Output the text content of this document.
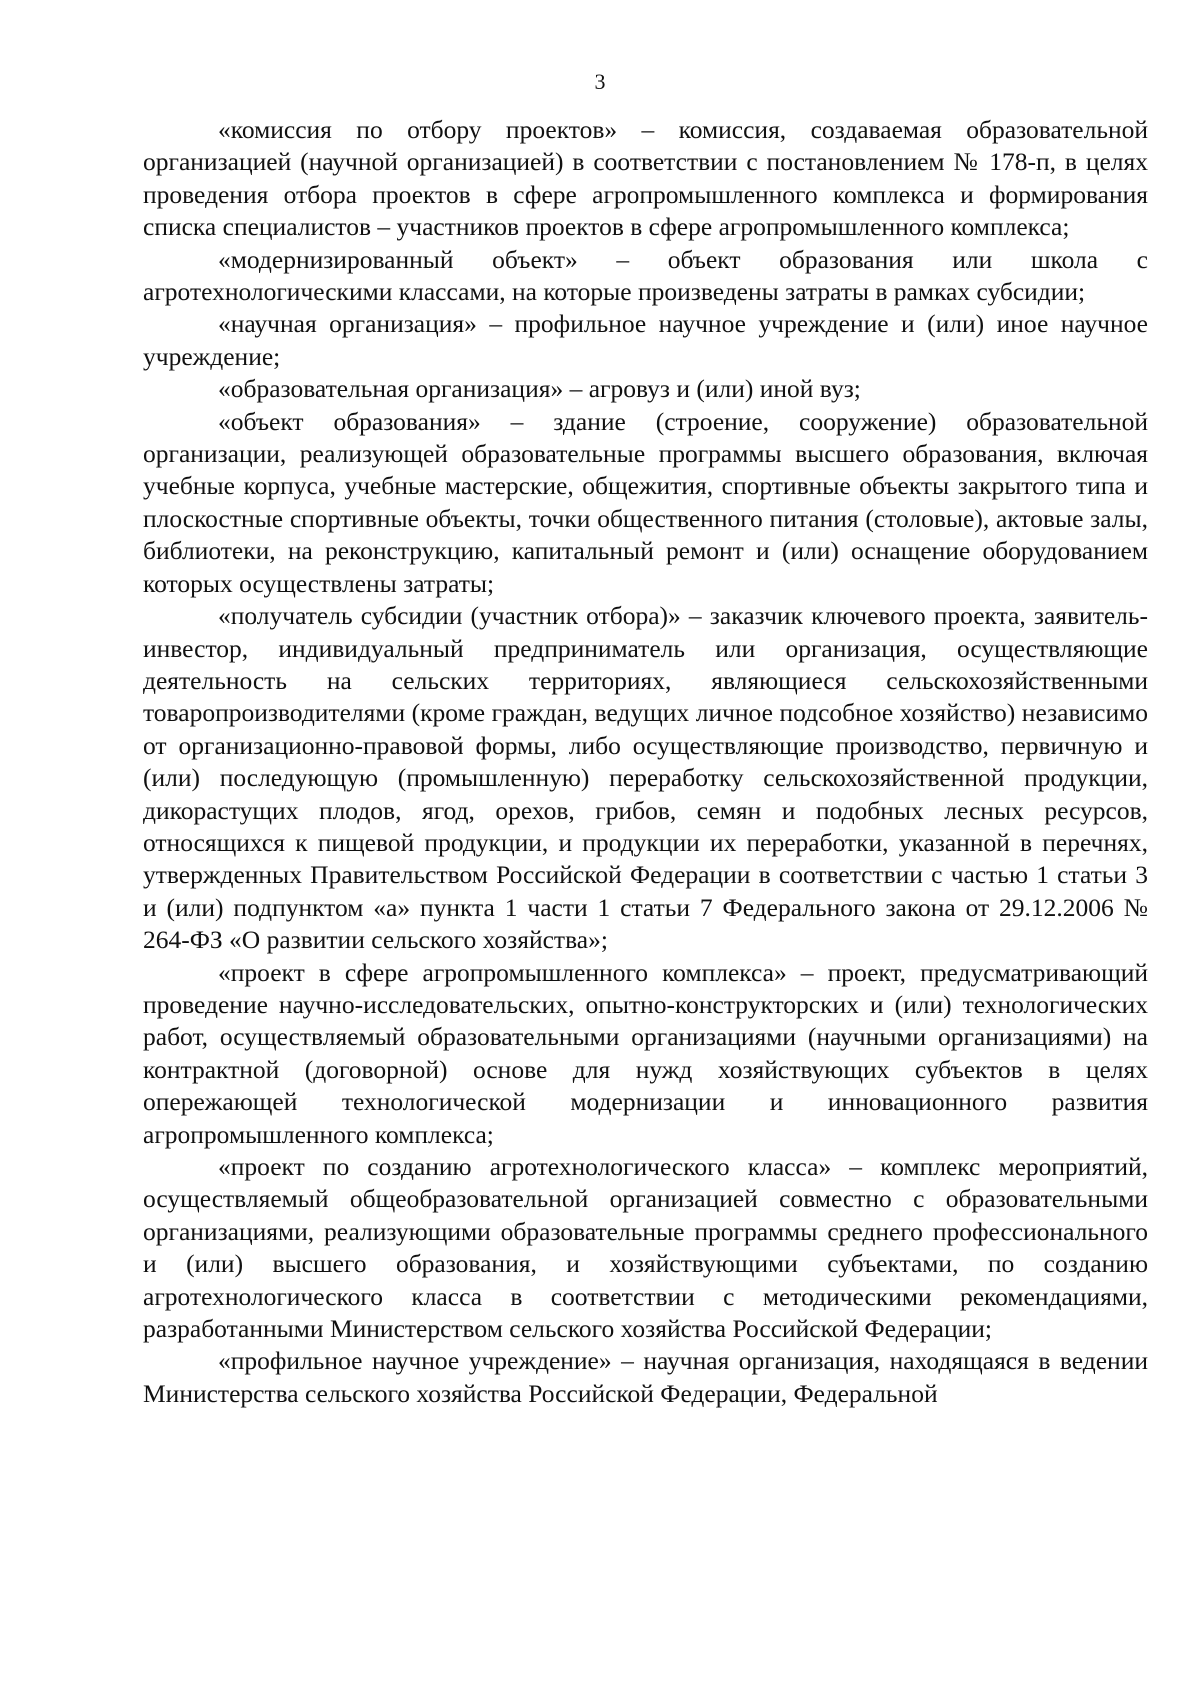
3

«комиссия по отбору проектов» – комиссия, создаваемая образовательной организацией (научной организацией) в соответствии с постановлением № 178-п, в целях проведения отбора проектов в сфере агропромышленного комплекса и формирования списка специалистов – участников проектов в сфере агропромышленного комплекса;

«модернизированный объект» – объект образования или школа с агротехнологическими классами, на которые произведены затраты в рамках субсидии;

«научная организация» – профильное научное учреждение и (или) иное научное учреждение;

«образовательная организация» – агровуз и (или) иной вуз;

«объект образования» – здание (строение, сооружение) образовательной организации, реализующей образовательные программы высшего образования, включая учебные корпуса, учебные мастерские, общежития, спортивные объекты закрытого типа и плоскостные спортивные объекты, точки общественного питания (столовые), актовые залы, библиотеки, на реконструкцию, капитальный ремонт и (или) оснащение оборудованием которых осуществлены затраты;

«получатель субсидии (участник отбора)» – заказчик ключевого проекта, заявитель-инвестор, индивидуальный предприниматель или организация, осуществляющие деятельность на сельских территориях, являющиеся сельскохозяйственными товаропроизводителями (кроме граждан, ведущих личное подсобное хозяйство) независимо от организационно-правовой формы, либо осуществляющие производство, первичную и (или) последующую (промышленную) переработку сельскохозяйственной продукции, дикорастущих плодов, ягод, орехов, грибов, семян и подобных лесных ресурсов, относящихся к пищевой продукции, и продукции их переработки, указанной в перечнях, утвержденных Правительством Российской Федерации в соответствии с частью 1 статьи 3 и (или) подпунктом «а» пункта 1 части 1 статьи 7 Федерального закона от 29.12.2006 № 264-ФЗ «О развитии сельского хозяйства»;

«проект в сфере агропромышленного комплекса» – проект, предусматривающий проведение научно-исследовательских, опытно-конструкторских и (или) технологических работ, осуществляемый образовательными организациями (научными организациями) на контрактной (договорной) основе для нужд хозяйствующих субъектов в целях опережающей технологической модернизации и инновационного развития агропромышленного комплекса;

«проект по созданию агротехнологического класса» – комплекс мероприятий, осуществляемый общеобразовательной организацией совместно с образовательными организациями, реализующими образовательные программы среднего профессионального и (или) высшего образования, и хозяйствующими субъектами, по созданию агротехнологического класса в соответствии с методическими рекомендациями, разработанными Министерством сельского хозяйства Российской Федерации;

«профильное научное учреждение» – научная организация, находящаяся в ведении Министерства сельского хозяйства Российской Федерации, Федеральной
